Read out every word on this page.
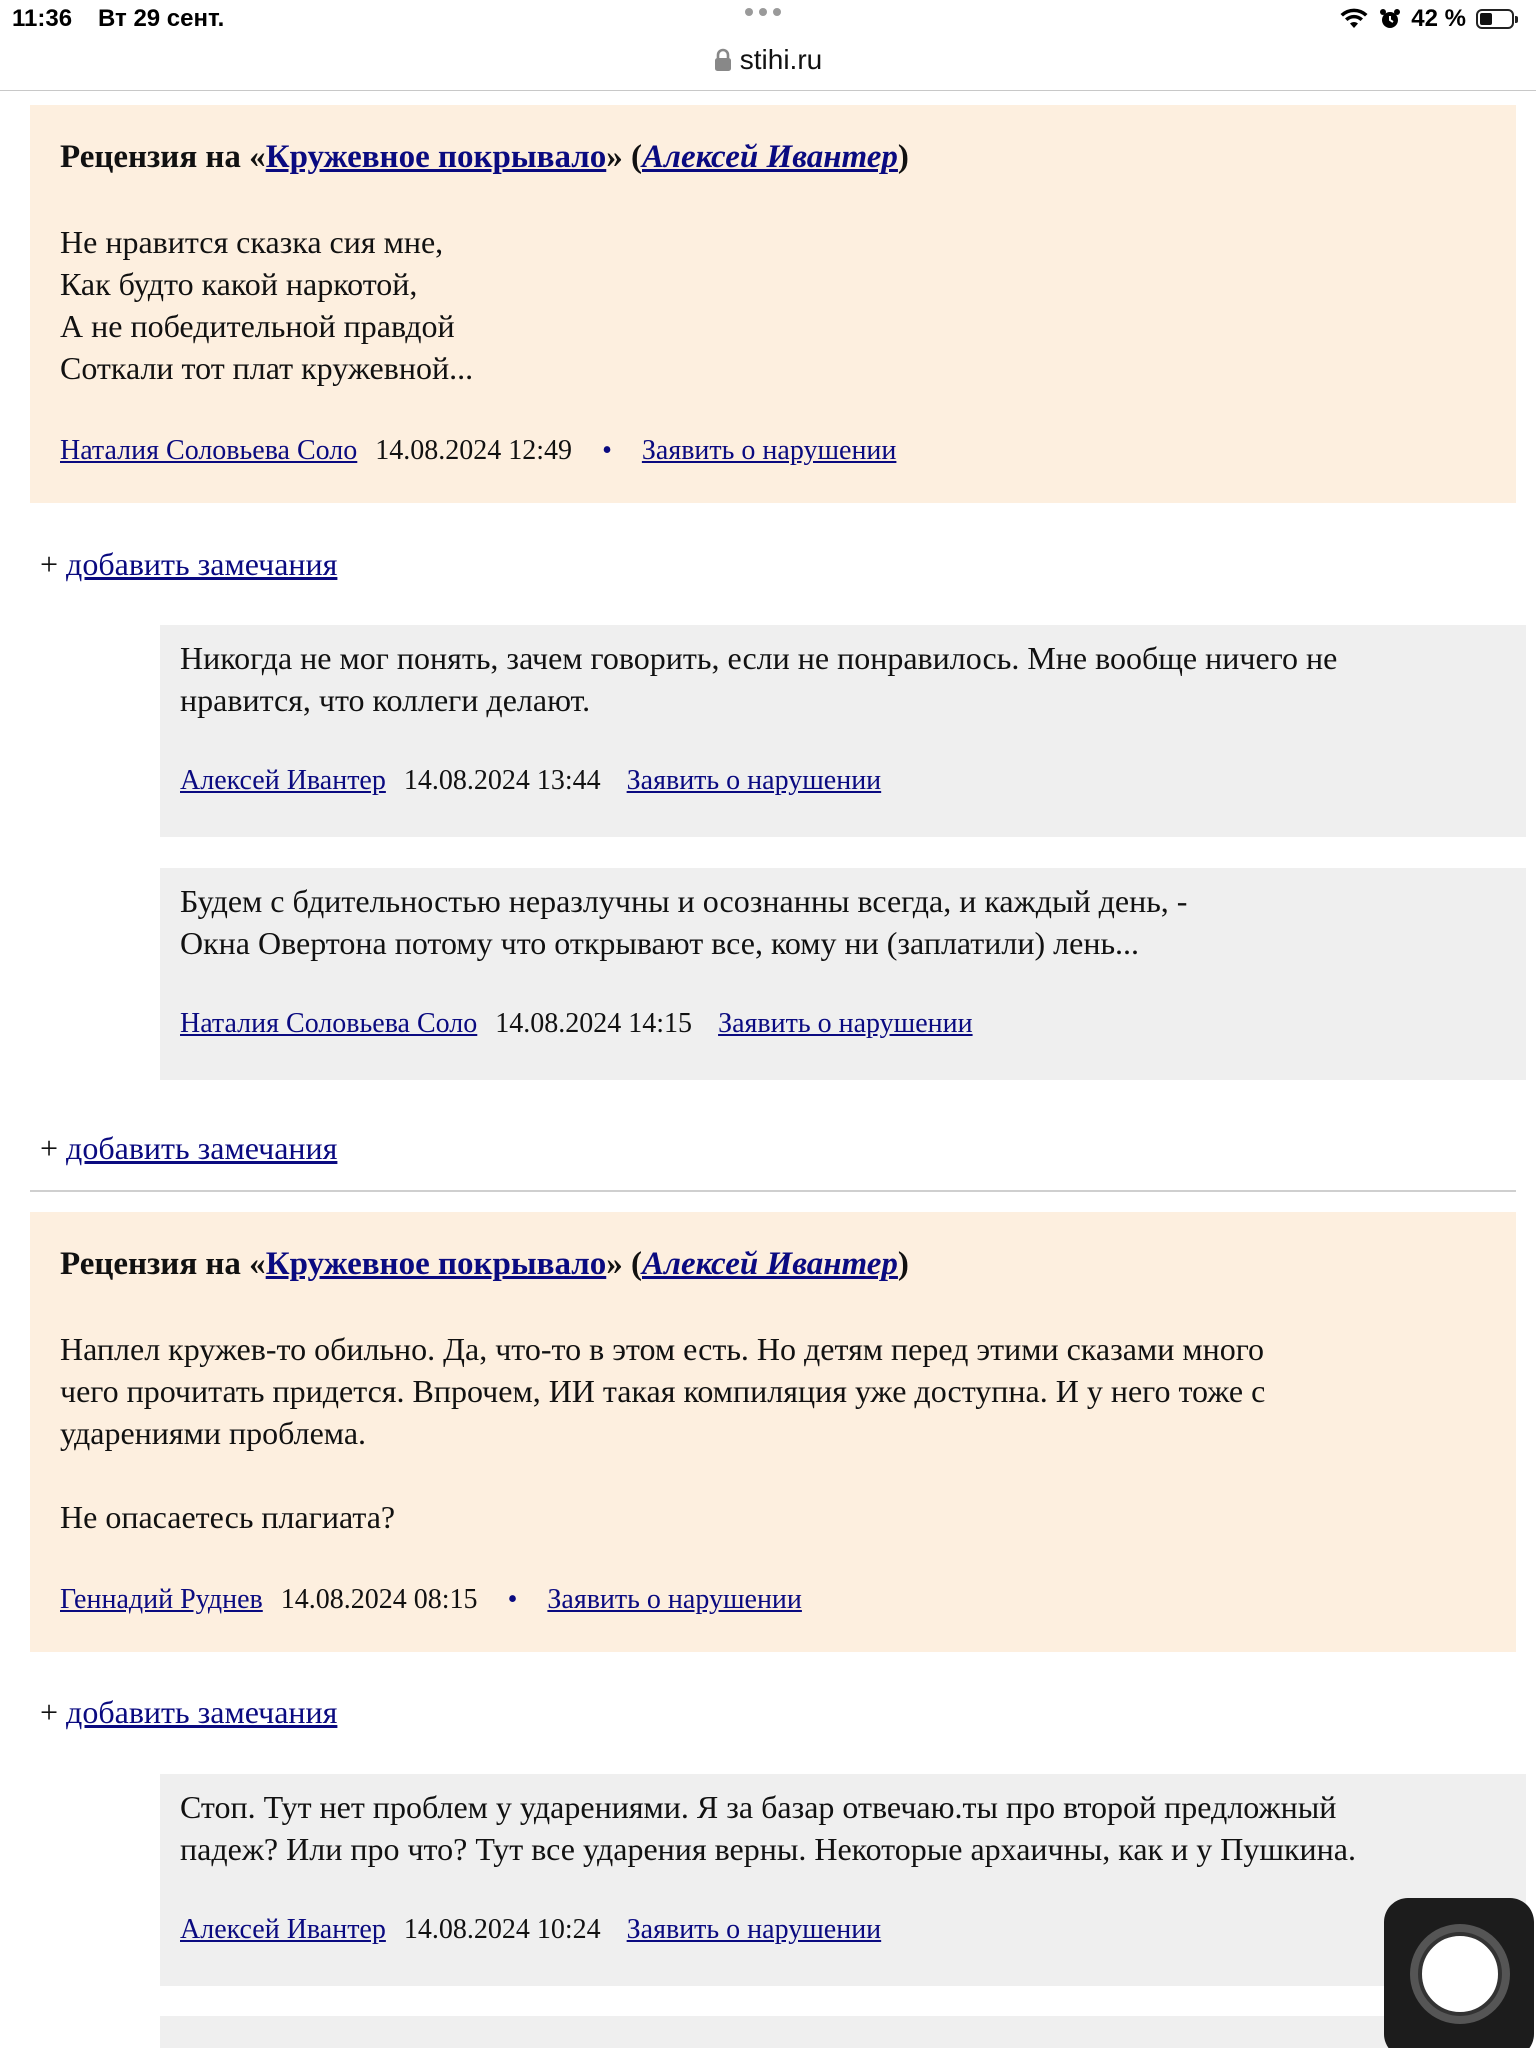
11:36 Вт 29 сент.	42 %
stihi.ru
Рецензия на «Кружевное покрывало» (Алексей Ивантер)
Не нравится сказка сия мне,
Как будто какой наркотой,
А не победительной правдой
Соткали тот плат кружевной...
Наталия Соловьева Соло 14.08.2024 12:49 • Заявить о нарушении
+ добавить замечания
Никогда не мог понять, зачем говорить, если не понравилось. Мне вообще ничего не
нравится, что коллеги делают.
Алексей Ивантер 14.08.2024 13:44 Заявить о нарушении
Будем с бдительностью неразлучны и осознанны всегда, и каждый день, -
Окна Овертона потому что открывают все, кому ни (заплатили) лень...
Наталия Соловьева Соло 14.08.2024 14:15 Заявить о нарушении
+ добавить замечания
Рецензия на «Кружевное покрывало» (Алексей Ивантер)
Наплел кружев-то обильно. Да, что-то в этом есть. Но детям перед этими сказами много
чего прочитать придется. Впрочем, ИИ такая компиляция уже доступна. И у него тоже с
ударениями проблема.
Не опасаетесь плагиата?
Геннадий Руднев 14.08.2024 08:15 • Заявить о нарушении
+ добавить замечания
Стоп. Тут нет проблем у ударениями. Я за базар отвечаю.ты про второй предложный
падеж? Или про что? Тут все ударения верны. Некоторые архаичны, как и у Пушкина.
Алексей Ивантер 14.08.2024 10:24 Заявить о нарушении
